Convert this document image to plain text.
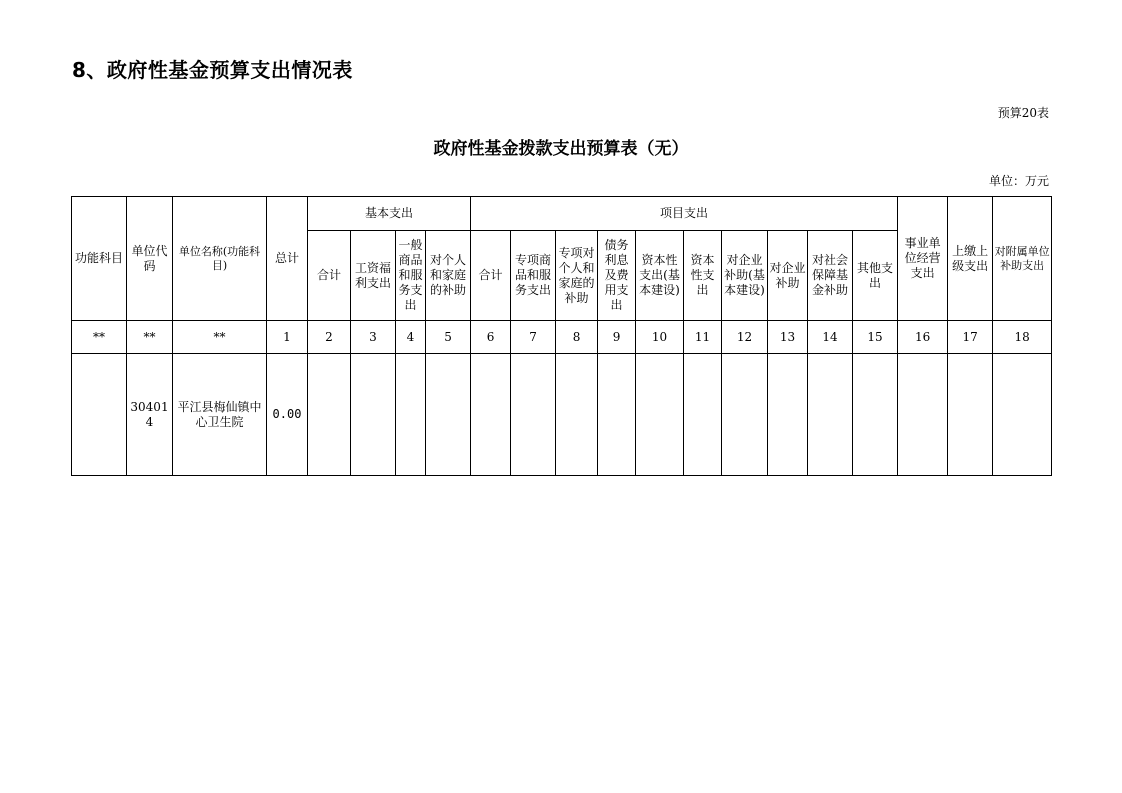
8、政府性基金预算支出情况表
预算20表
政府性基金拨款支出预算表（无）
单位：万元
功能科目	单位代码	单位名称(功能科目)	总计	基本支出				项目支出										事业单位经营支出	上缴上级支出	对附属单位补助支出
				合计	工资福利支出	一般商品和服务支出	对个人和家庭的补助	合计	专项商品和服务支出	专项对个人和家庭的补助	债务利息及费用支出	资本性支出(基本建设)	资本性支出	对企业补助(基本建设)	对企业补助	对社会保障基金补助	其他支出			
**	**	**	1	2	3	4	5	6	7	8	9	10	11	12	13	14	15	16	17	18
	304014	平江县梅仙镇中心卫生院	0.00																	
